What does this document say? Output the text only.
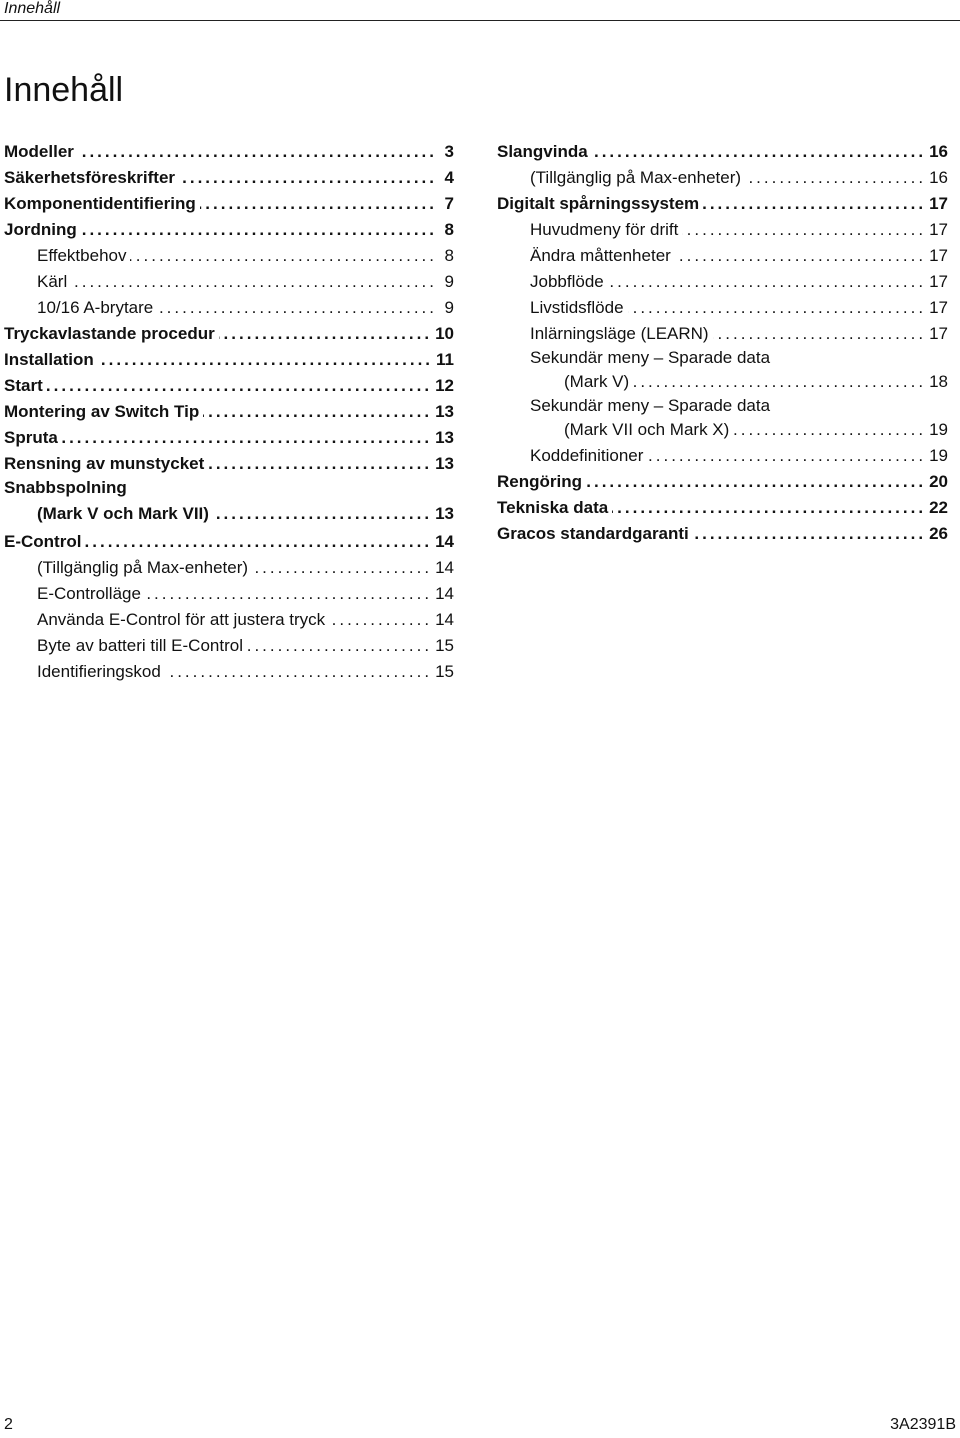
Innehåll
Innehåll
Modeller .....	3
Säkerhetsföreskrifter .....	4
Komponentidentifiering .....	7
Jordning .....	8
Effektbehov .....	8
Kärl .....	9
10/16 A-brytare .....	9
Tryckavlastande procedur .....	10
Installation .....	11
Start .....	12
Montering av Switch Tip .....	13
Spruta .....	13
Rensning av munstycket .....	13
Snabbspolning
(Mark V och Mark VII) .....	13
E-Control .....	14
(Tillgänglig på Max-enheter) .....	14
E-Controlläge .....	14
Använda E-Control för att justera tryck .....	14
Byte av batteri till E-Control .....	15
Identifieringskod .....	15
Slangvinda .....	16
(Tillgänglig på Max-enheter) .....	16
Digitalt spårningssystem .....	17
Huvudmeny för drift .....	17
Ändra måttenheter .....	17
Jobbflöde .....	17
Livstidsflöde .....	17
Inlärningsläge (LEARN) .....	17
Sekundär meny – Sparade data
(Mark V) .....	18
Sekundär meny – Sparade data
(Mark VII och Mark X) .....	19
Koddefinitioner .....	19
Rengöring .....	20
Tekniska data .....	22
Gracos standardgaranti .....	26
2	3A2391B
